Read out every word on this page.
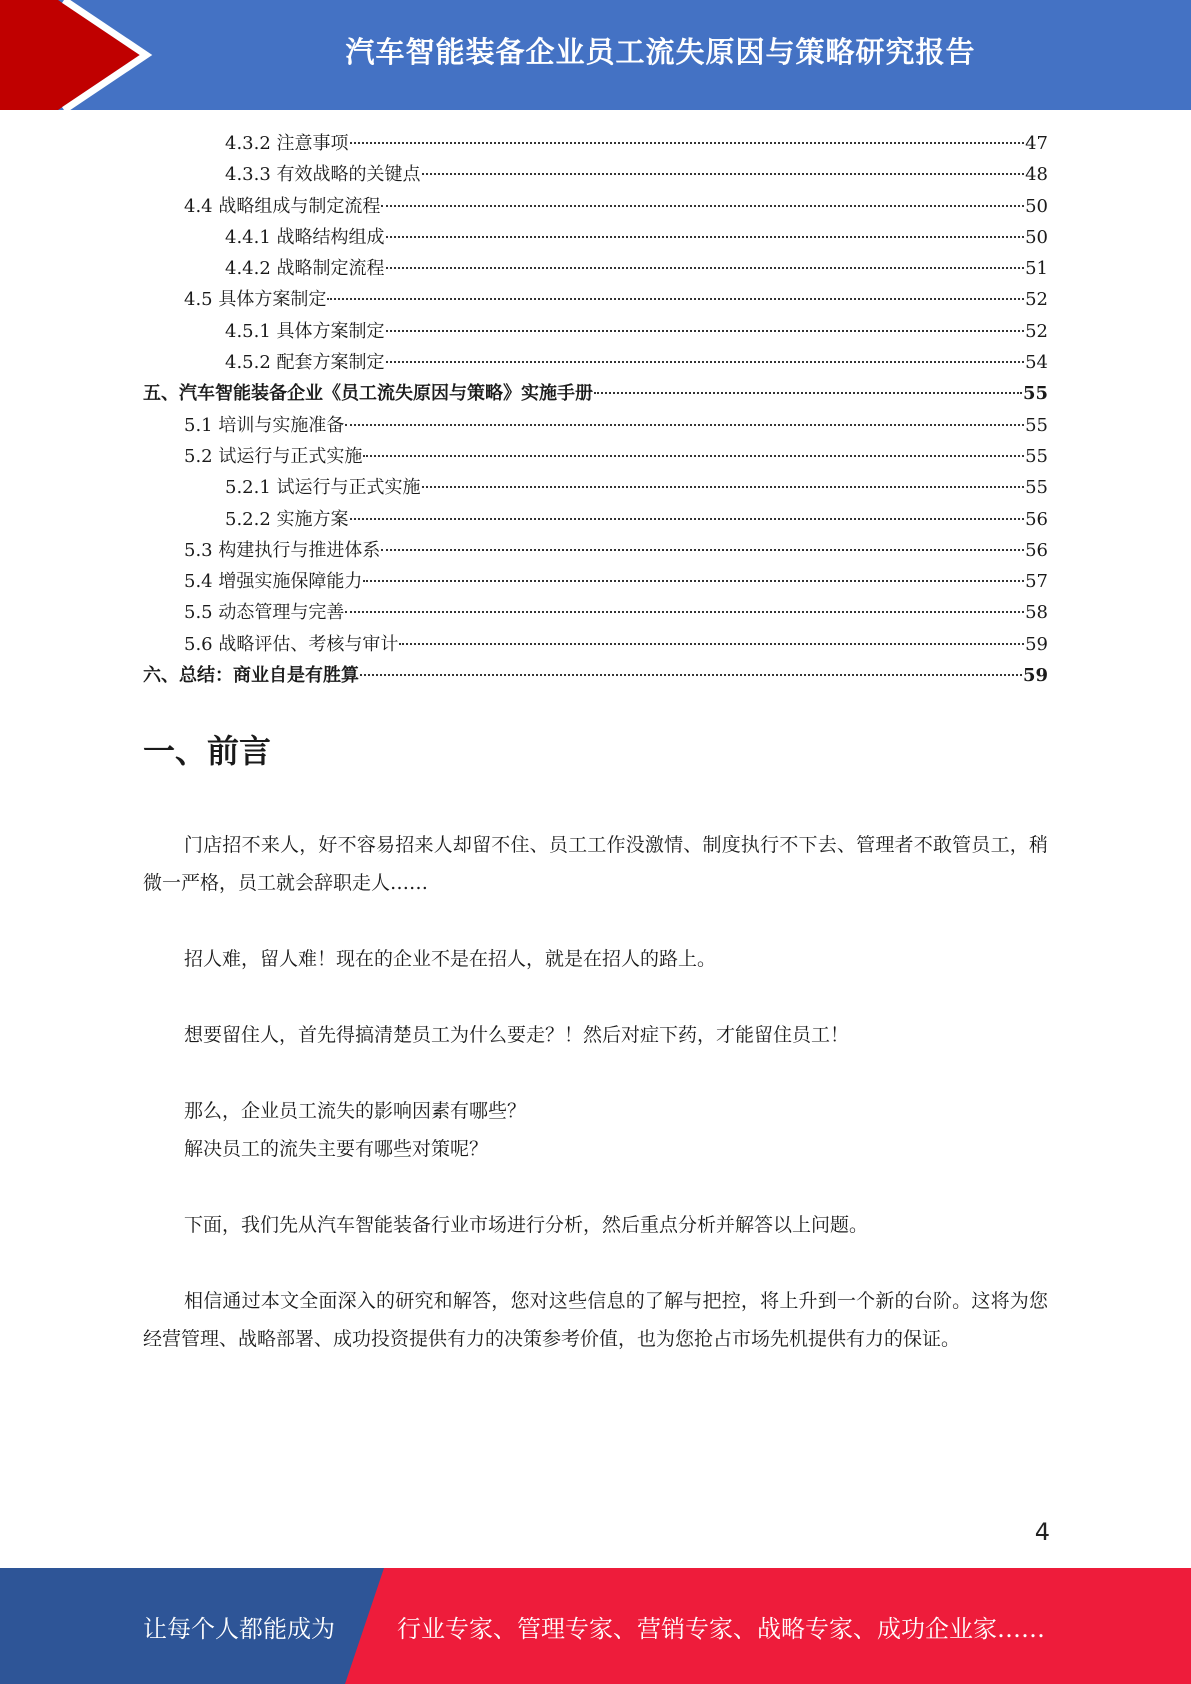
汽车智能装备企业员工流失原因与策略研究报告
4.3.2 注意事项	47
4.3.3 有效战略的关键点	48
4.4 战略组成与制定流程	50
4.4.1 战略结构组成	50
4.4.2 战略制定流程	51
4.5 具体方案制定	52
4.5.1 具体方案制定	52
4.5.2 配套方案制定	54
五、汽车智能装备企业《员工流失原因与策略》实施手册	55
5.1 培训与实施准备	55
5.2 试运行与正式实施	55
5.2.1 试运行与正式实施	55
5.2.2 实施方案	56
5.3 构建执行与推进体系	56
5.4 增强实施保障能力	57
5.5 动态管理与完善	58
5.6 战略评估、考核与审计	59
六、总结：商业自是有胜算	59
一、前言

门店招不来人，好不容易招来人却留不住、员工工作没激情、制度执行不下去、管理者不敢管员工，稍微一严格，员工就会辞职走人……

招人难，留人难！现在的企业不是在招人，就是在招人的路上。

想要留住人，首先得搞清楚员工为什么要走？！然后对症下药，才能留住员工！

那么，企业员工流失的影响因素有哪些？

解决员工的流失主要有哪些对策呢？

下面，我们先从汽车智能装备行业市场进行分析，然后重点分析并解答以上问题。

相信通过本文全面深入的研究和解答，您对这些信息的了解与把控，将上升到一个新的台阶。这将为您经营管理、战略部署、成功投资提供有力的决策参考价值，也为您抢占市场先机提供有力的保证。

4
让每个人都能成为	行业专家、管理专家、营销专家、战略专家、成功企业家……
